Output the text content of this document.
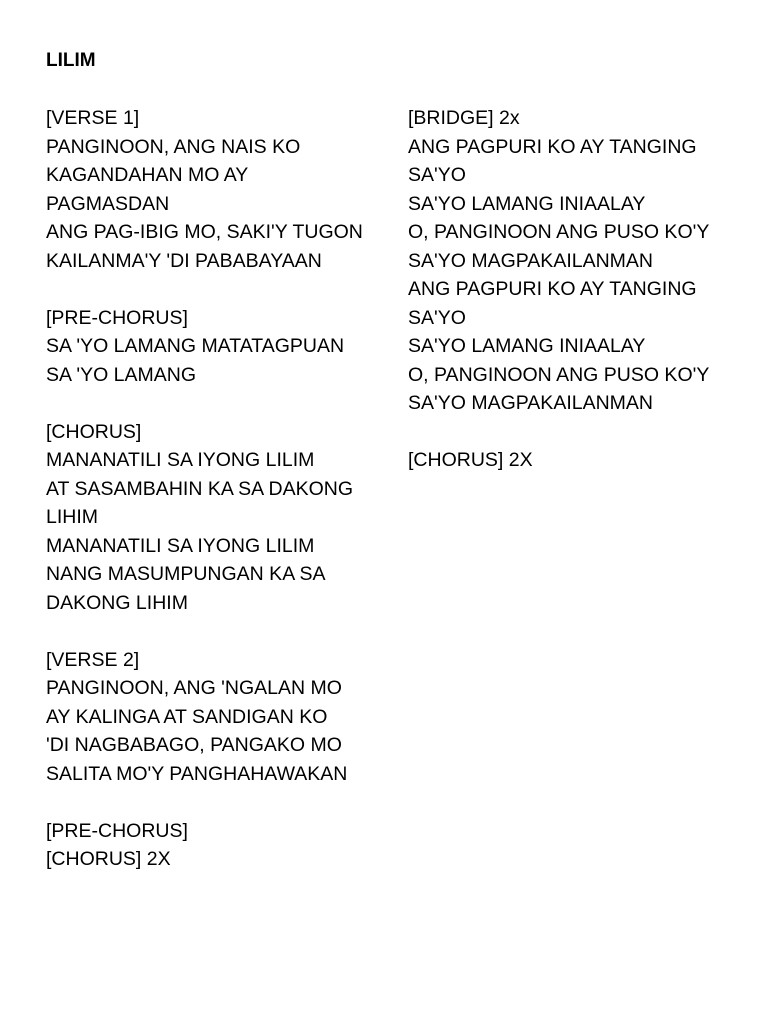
LILIM
[VERSE 1]
PANGINOON, ANG NAIS KO
KAGANDAHAN MO AY
PAGMASDAN
ANG PAG-IBIG MO, SAKI'Y TUGON
KAILANMA'Y 'DI PABABAYAAN
[PRE-CHORUS]
SA 'YO LAMANG MATATAGPUAN
SA 'YO LAMANG
[CHORUS]
MANANATILI SA IYONG LILIM
AT SASAMBAHIN KA SA DAKONG
LIHIM
MANANATILI SA IYONG LILIM
NANG MASUMPUNGAN KA SA
DAKONG LIHIM
[VERSE 2]
PANGINOON, ANG 'NGALAN MO
AY KALINGA AT SANDIGAN KO
'DI NAGBABAGO, PANGAKO MO
SALITA MO'Y PANGHAHAWAKAN
[PRE-CHORUS]
[CHORUS] 2X
[BRIDGE] 2x
ANG PAGPURI KO AY TANGING
SA'YO
SA'YO LAMANG INIAALAY
O, PANGINOON ANG PUSO KO'Y
SA'YO MAGPAKAILANMAN
ANG PAGPURI KO AY TANGING
SA'YO
SA'YO LAMANG INIAALAY
O, PANGINOON ANG PUSO KO'Y
SA'YO MAGPAKAILANMAN
[CHORUS] 2X
